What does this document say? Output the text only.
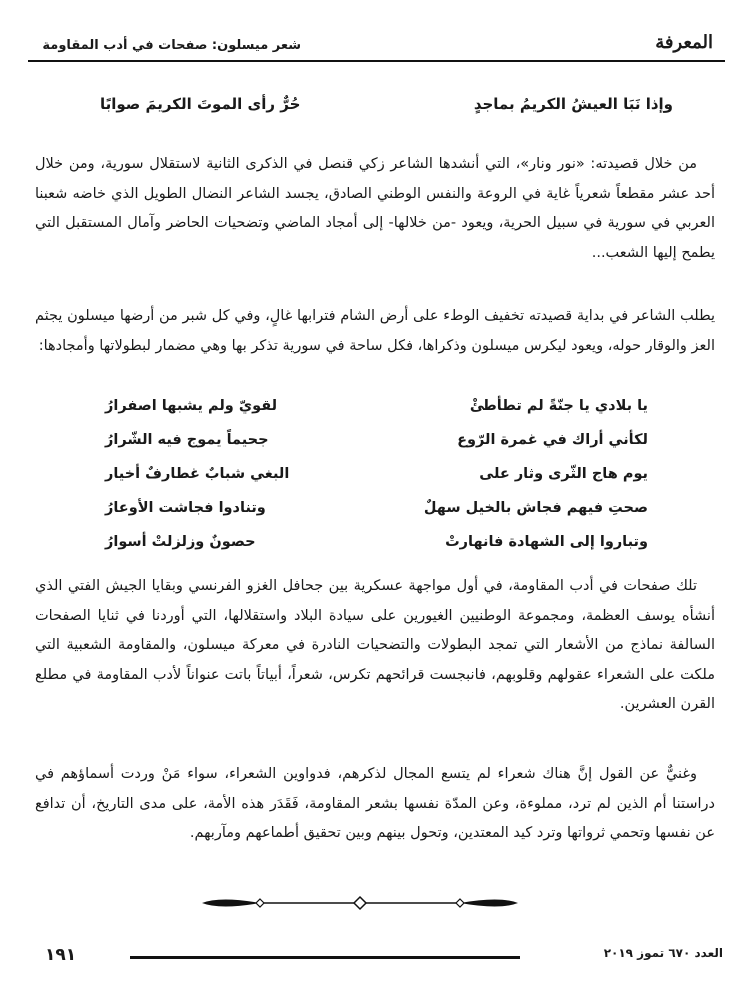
شعر ميسلون: صفحات في أدب المقاومة	المعرفة
وإذا نَبَا العيشُ الكريمُ بماجدٍ
حُرٌّ رأى الموتَ الكريمَ صوابًا

من خلال قصيدته: «نور ونار»، التي أنشدها الشاعر زكي قنصل في الذكرى الثانية لاستقلال سورية، ومن خلال أحد عشر مقطعاً شعرياً غاية في الروعة والنفس الوطني الصادق، يجسد الشاعر النضال الطويل الذي خاضه شعبنا العربي في سورية في سبيل الحرية، ويعود -من خلالها- إلى أمجاد الماضي وتضحيات الحاضر وآمال المستقبل التي يطمح إليها الشعب...

يطلب الشاعر في بداية قصيدته تخفيف الوطء على أرض الشام فترابها غالٍ، وفي كل شبر من أرضها ميسلون يجثم العز والوقار حوله، ويعود ليكرس ميسلون وذكراها، فكل ساحة في سورية تذكر بها وهي مضمار لبطولاتها وأمجادها:

يا بلادي يا جنّةً لم تطأطئْ
لقويّ ولم يشبها اصفرارُ
لكأني أراك في غمرة الرّوع
جحيماً يموج فيه الشّرارُ
يوم هاج الثّرى وثار على
البغي شبابٌ غطارفٌ أخيار
صحتِ فيهم فجاش بالخيل سهلٌ
وتنادوا فجاشت الأوعارُ
وتباروا إلى الشهادة فانهارتْ
حصونٌ وزلزلتْ أسوارُ

تلك صفحات في أدب المقاومة، في أول مواجهة عسكرية بين جحافل الغزو الفرنسي وبقايا الجيش الفتي الذي أنشأه يوسف العظمة، ومجموعة الوطنيين الغيورين على سيادة البلاد واستقلالها، التي أوردنا في ثنايا الصفحات السالفة نماذج من الأشعار التي تمجد البطولات والتضحيات النادرة في معركة ميسلون، والمقاومة الشعبية التي ملكت على الشعراء عقولهم وقلوبهم، فانبجست قرائحهم تكرس، شعراً، أبياتاً باتت عنواناً لأدب المقاومة في مطلع القرن العشرين.

وغنيٌّ عن القول إنَّ هناك شعراء لم يتسع المجال لذكرهم، فدواوين الشعراء، سواء مَنْ وردت أسماؤهم في دراستنا أم الذين لم ترد، مملوءة، وعن المدّة نفسها بشعر المقاومة، فَقَدَر هذه الأمة، على مدى التاريخ، أن تدافع عن نفسها وتحمي ثرواتها وترد كيد المعتدين، وتحول بينهم وبين تحقيق أطماعهم ومآربهم.

١٩١	العدد ٦٧٠ تموز ٢٠١٩
